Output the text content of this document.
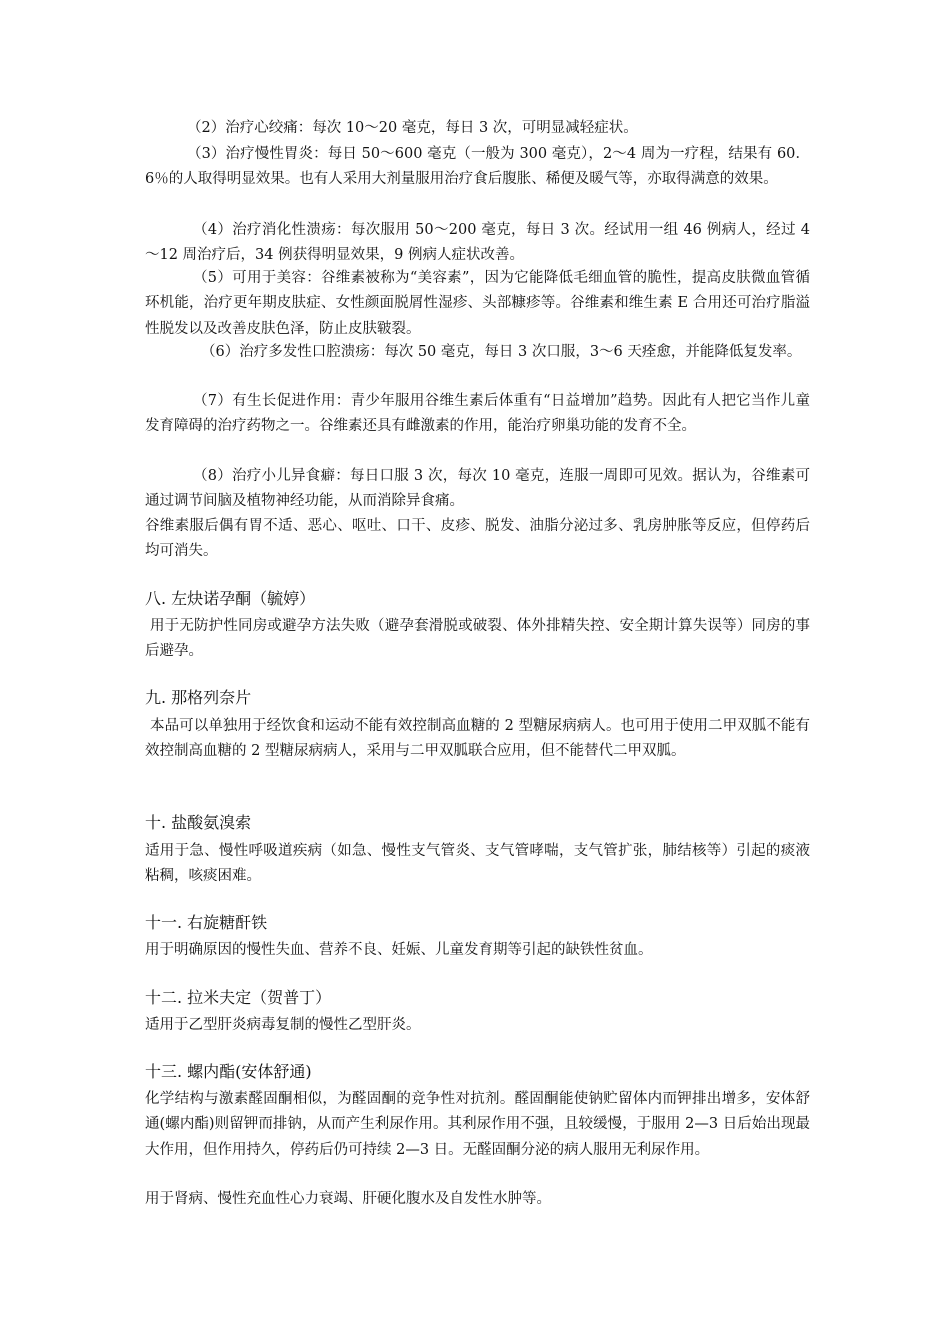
（2）治疗心绞痛：每次 10～20 毫克，每日 3 次，可明显减轻症状。

（3）治疗慢性胃炎：每日 50～600 毫克（一般为 300 毫克），2～4 周为一疗程，结果有 60．6％的人取得明显效果。也有人采用大剂量服用治疗食后腹胀、稀便及暖气等，亦取得满意的效果。

（4）治疗消化性溃疡：每次服用 50～200 毫克，每日 3 次。经试用一组 46 例病人，经过 4～12 周治疗后，34 例获得明显效果，9 例病人症状改善。

（5）可用于美容：谷维素被称为“美容素”，因为它能降低毛细血管的脆性，提高皮肤微血管循环机能，治疗更年期皮肤症、女性颜面脱屑性湿疹、头部糠疹等。谷维素和维生素 E 合用还可治疗脂溢性脱发以及改善皮肤色泽，防止皮肤皲裂。

（6）治疗多发性口腔溃疡：每次 50 毫克，每日 3 次口服，3～6 天痊愈，并能降低复发率。

（7）有生长促进作用：青少年服用谷维生素后体重有“日益增加”趋势。因此有人把它当作儿童发育障碍的治疗药物之一。谷维素还具有雌激素的作用，能治疗卵巢功能的发育不全。

（8）治疗小儿异食癖：每日口服 3 次，每次 10 毫克，连服一周即可见效。据认为，谷维素可通过调节间脑及植物神经功能，从而消除异食痛。

谷维素服后偶有胃不适、恶心、呕吐、口干、皮疹、脱发、油脂分泌过多、乳房肿胀等反应，但停药后均可消失。

八. 左炔诺孕酮（毓婷）

用于无防护性同房或避孕方法失败（避孕套滑脱或破裂、体外排精失控、安全期计算失误等）同房的事后避孕。

九. 那格列奈片

本品可以单独用于经饮食和运动不能有效控制高血糖的 2 型糖尿病病人。也可用于使用二甲双胍不能有效控制高血糖的 2 型糖尿病病人，采用与二甲双胍联合应用，但不能替代二甲双胍。

十. 盐酸氨溴索

适用于急、慢性呼吸道疾病（如急、慢性支气管炎、支气管哮喘，支气管扩张，肺结核等）引起的痰液粘稠，咳痰困难。

十一. 右旋糖酐铁

用于明确原因的慢性失血、营养不良、妊娠、儿童发育期等引起的缺铁性贫血。

十二. 拉米夫定（贺普丁）

适用于乙型肝炎病毒复制的慢性乙型肝炎。

十三. 螺内酯(安体舒通)

化学结构与激素醛固酮相似，为醛固酮的竞争性对抗剂。醛固酮能使钠贮留体内而钾排出增多，安体舒通(螺内酯)则留钾而排钠，从而产生利尿作用。其利尿作用不强，且较缓慢，于服用 2—3 日后始出现最大作用，但作用持久，停药后仍可持续 2—3 日。无醛固酮分泌的病人服用无利尿作用。

用于肾病、慢性充血性心力衰竭、肝硬化腹水及自发性水肿等。
